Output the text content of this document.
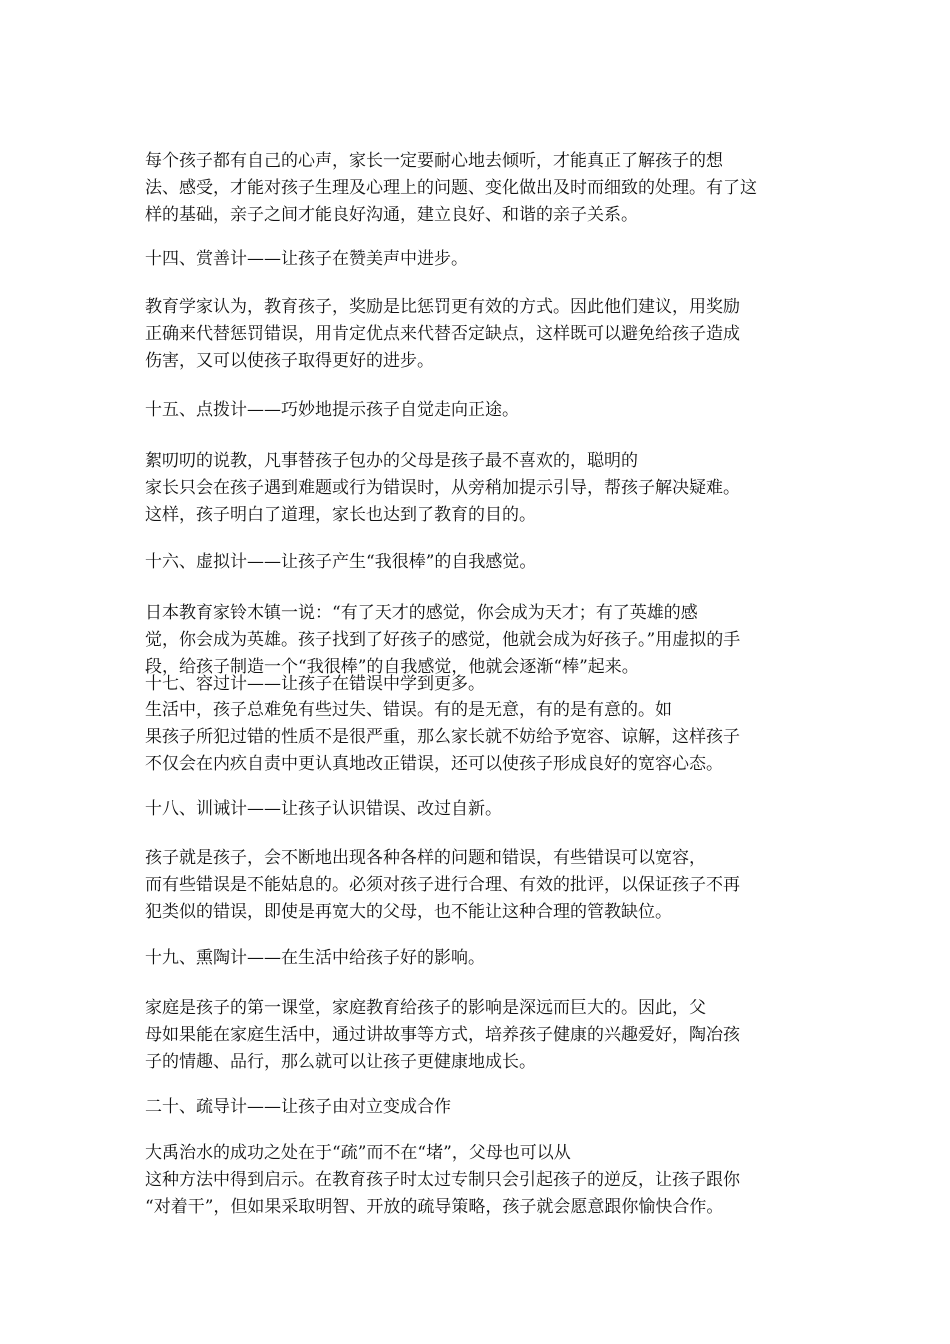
每个孩子都有自己的心声，家长一定要耐心地去倾听，才能真正了解孩子的想
法、感受，才能对孩子生理及心理上的问题、变化做出及时而细致的处理。有了这
样的基础，亲子之间才能良好沟通，建立良好、和谐的亲子关系。
十四、赏善计——让孩子在赞美声中进步。
教育学家认为，教育孩子，奖励是比惩罚更有效的方式。因此他们建议，用奖励
正确来代替惩罚错误，用肯定优点来代替否定缺点，这样既可以避免给孩子造成
伤害，又可以使孩子取得更好的进步。
十五、点拨计——巧妙地提示孩子自觉走向正途。
絮叨叨的说教，凡事替孩子包办的父母是孩子最不喜欢的，聪明的
家长只会在孩子遇到难题或行为错误时，从旁稍加提示引导，帮孩子解决疑难。
这样，孩子明白了道理，家长也达到了教育的目的。
十六、虚拟计——让孩子产生“我很棒”的自我感觉。
日本教育家铃木镇一说：“有了天才的感觉，你会成为天才；有了英雄的感
觉，你会成为英雄。孩子找到了好孩子的感觉，他就会成为好孩子。”用虚拟的手
段，给孩子制造一个“我很棒”的自我感觉，他就会逐渐“棒”起来。
十七、容过计——让孩子在错误中学到更多。
生活中，孩子总难免有些过失、错误。有的是无意，有的是有意的。如
果孩子所犯过错的性质不是很严重，那么家长就不妨给予宽容、谅解，这样孩子
不仅会在内疚自责中更认真地改正错误，还可以使孩子形成良好的宽容心态。
十八、训诫计——让孩子认识错误、改过自新。
孩子就是孩子，会不断地出现各种各样的问题和错误，有些错误可以宽容，
而有些错误是不能姑息的。必须对孩子进行合理、有效的批评，以保证孩子不再
犯类似的错误，即使是再宽大的父母，也不能让这种合理的管教缺位。
十九、熏陶计——在生活中给孩子好的影响。
家庭是孩子的第一课堂，家庭教育给孩子的影响是深远而巨大的。因此，父
母如果能在家庭生活中，通过讲故事等方式，培养孩子健康的兴趣爱好，陶冶孩
子的情趣、品行，那么就可以让孩子更健康地成长。
二十、疏导计——让孩子由对立变成合作
大禹治水的成功之处在于“疏”而不在“堵”，父母也可以从
这种方法中得到启示。在教育孩子时太过专制只会引起孩子的逆反，让孩子跟你
“对着干”，但如果采取明智、开放的疏导策略，孩子就会愿意跟你愉快合作。
